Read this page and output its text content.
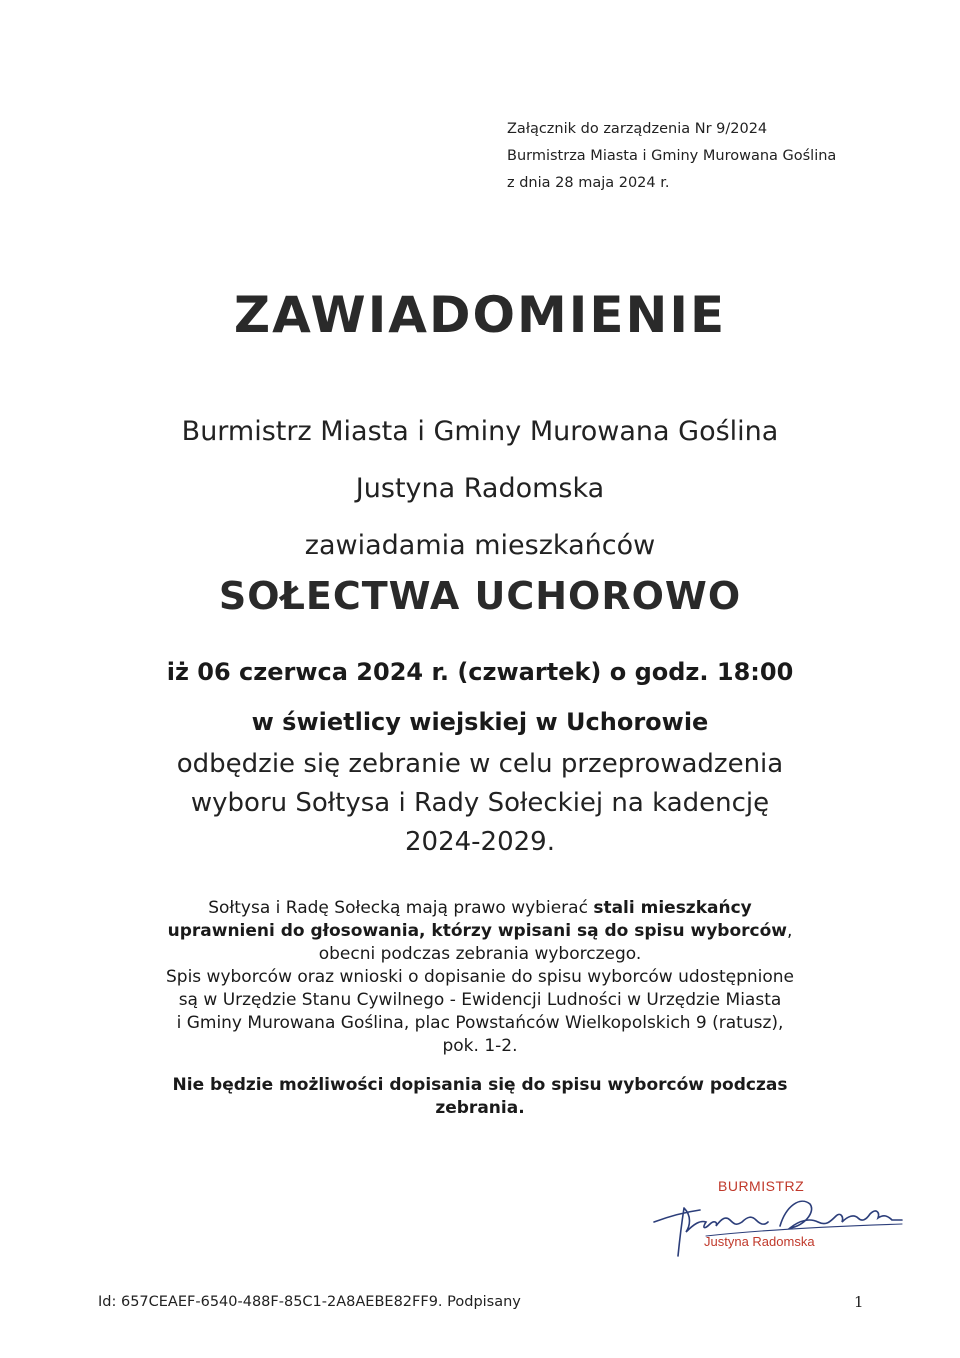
Załącznik do zarządzenia Nr 9/2024
Burmistrza Miasta i Gminy Murowana Goślina
z dnia 28 maja 2024 r.
ZAWIADOMIENIE
Burmistrz Miasta i Gminy Murowana Goślina
Justyna Radomska
zawiadamia mieszkańców
SOŁECTWA UCHOROWO
iż 06 czerwca 2024 r. (czwartek) o godz. 18:00
w świetlicy wiejskiej w Uchorowie
odbędzie się zebranie w celu przeprowadzenia
wyboru Sołtysa i Rady Sołeckiej na kadencję
2024-2029.
Sołtysa i Radę Sołecką mają prawo wybierać stali mieszkańcy
uprawnieni do głosowania, którzy wpisani są do spisu wyborców,
obecni podczas zebrania wyborczego.
Spis wyborców oraz wnioski o dopisanie do spisu wyborców udostępnione
są w Urzędzie Stanu Cywilnego - Ewidencji Ludności w Urzędzie Miasta
i Gminy Murowana Goślina, plac Powstańców Wielkopolskich 9 (ratusz),
pok. 1-2.
Nie będzie możliwości dopisania się do spisu wyborców podczas
zebrania.
BURMISTRZ
Justyna Radomska
Id: 657CEAEF-6540-488F-85C1-2A8AEBE82FF9. Podpisany	1
